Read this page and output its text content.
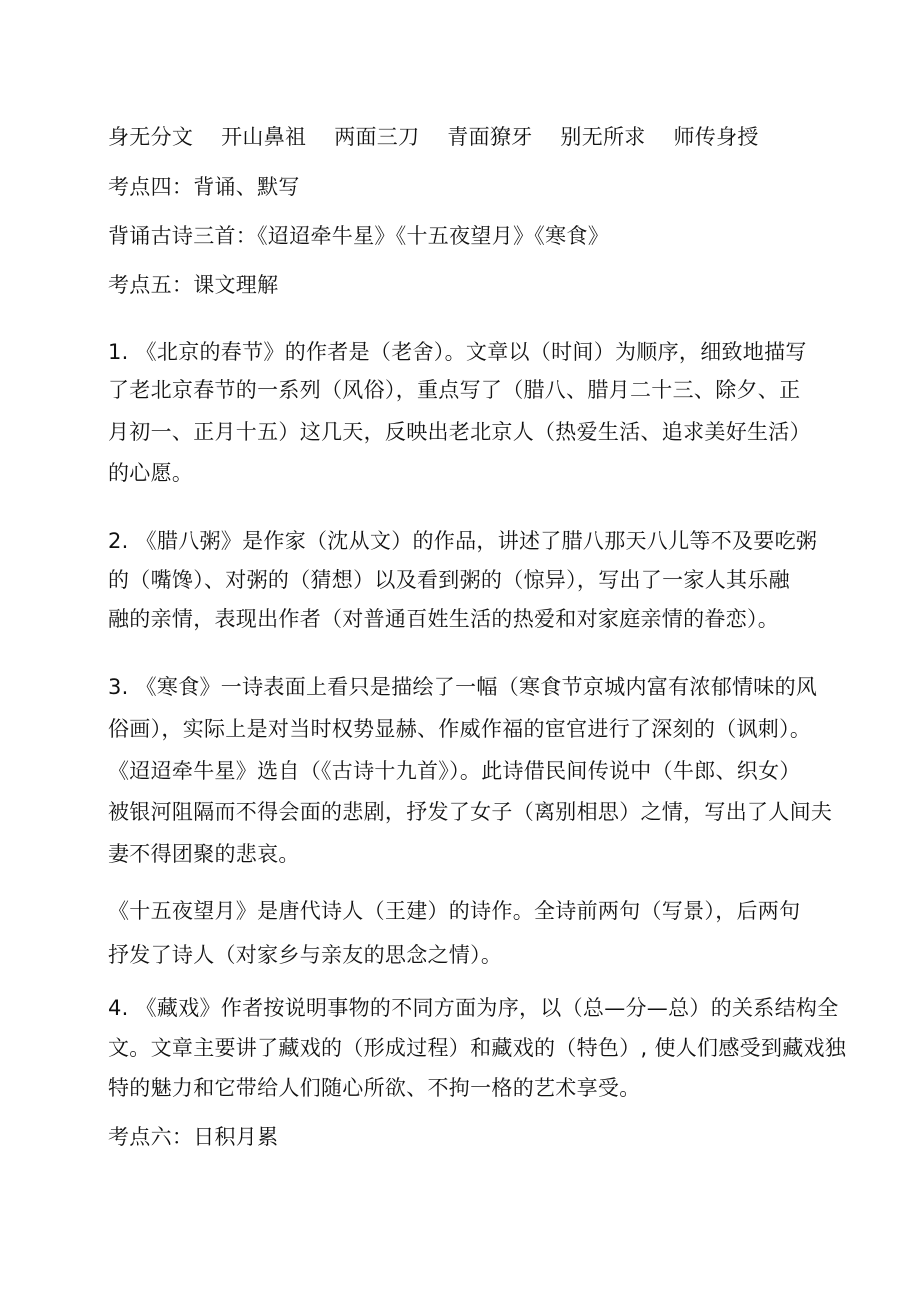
身无分文    开山鼻祖    两面三刀    青面獠牙    别无所求    师传身授
考点四：背诵、默写
背诵古诗三首：《迢迢牵牛星》《十五夜望月》《寒食》
考点五：课文理解
1. 《北京的春节》的作者是（老舍）。文章以（时间）为顺序，细致地描写
了老北京春节的一系列（风俗），重点写了（腊八、腊月二十三、除夕、正
月初一、正月十五）这几天，反映出老北京人（热爱生活、追求美好生活）
的心愿。
2. 《腊八粥》是作家（沈从文）的作品，讲述了腊八那天八儿等不及要吃粥
的（嘴馋）、对粥的（猜想）以及看到粥的（惊异），写出了一家人其乐融
融的亲情，表现出作者（对普通百姓生活的热爱和对家庭亲情的眷恋）。
3. 《寒食》一诗表面上看只是描绘了一幅（寒食节京城内富有浓郁情味的风
俗画），实际上是对当时权势显赫、作威作福的宦官进行了深刻的（讽刺）。
《迢迢牵牛星》选自（《古诗十九首》）。此诗借民间传说中（牛郎、织女）
被银河阻隔而不得会面的悲剧，抒发了女子（离别相思）之情，写出了人间夫
妻不得团聚的悲哀。
《十五夜望月》是唐代诗人（王建）的诗作。全诗前两句（写景），后两句
抒发了诗人（对家乡与亲友的思念之情）。
4. 《藏戏》作者按说明事物的不同方面为序，以（总—分—总）的关系结构全
文。文章主要讲了藏戏的（形成过程）和藏戏的（特色）, 使人们感受到藏戏独
特的魅力和它带给人们随心所欲、不拘一格的艺术享受。
考点六：日积月累
